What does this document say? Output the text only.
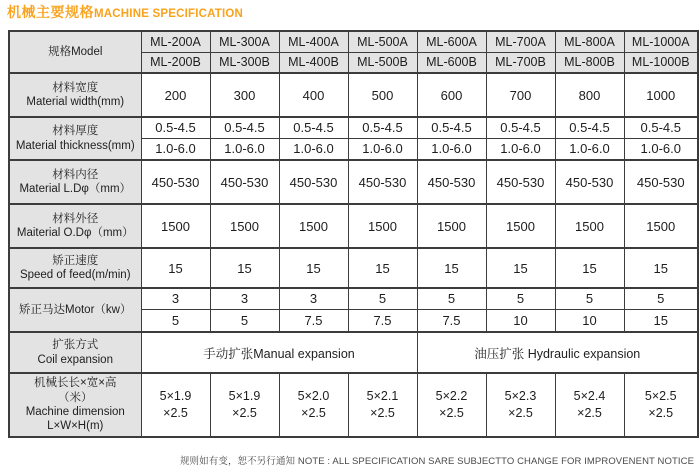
机械主要规格MACHINE SPECIFICATION
规格Model	ML-200A	ML-300A	ML-400A	ML-500A	ML-600A	ML-700A	ML-800A	ML-1000A
	ML-200B	ML-300B	ML-400B	ML-500B	ML-600B	ML-700B	ML-800B	ML-1000B
材料宽度
Material width(mm)	200	300	400	500	600	700	800	1000
材料厚度
Material thickness(mm)	0.5-4.5	0.5-4.5	0.5-4.5	0.5-4.5	0.5-4.5	0.5-4.5	0.5-4.5	0.5-4.5
	1.0-6.0	1.0-6.0	1.0-6.0	1.0-6.0	1.0-6.0	1.0-6.0	1.0-6.0	1.0-6.0
材料内径
Material L.Dφ（mm）	450-530	450-530	450-530	450-530	450-530	450-530	450-530	450-530
材料外径
Maiterial O.Dφ（mm）	1500	1500	1500	1500	1500	1500	1500	1500
矫正速度
Speed of feed(m/min)	15	15	15	15	15	15	15	15
矫正马达Motor（kw）	3	3	3	5	5	5	5	5
	5	5	7.5	7.5	7.5	10	10	15
扩张方式
Coil expansion	手动扩张Manual expansion				油压扩张 Hydraulic expansion			
机械长长×宽×高
（米）
Machine dimension
L×W×H(m)	5×1.9
×2.5	5×1.9
×2.5	5×2.0
×2.5	5×2.1
×2.5	5×2.2
×2.5	5×2.3
×2.5	5×2.4
×2.5	5×2.5
×2.5
规则如有变，恕不另行通知 NOTE : ALL SPECIFICATION SARE SUBJECTTO CHANGE FOR IMPROVENENT NOTICE
